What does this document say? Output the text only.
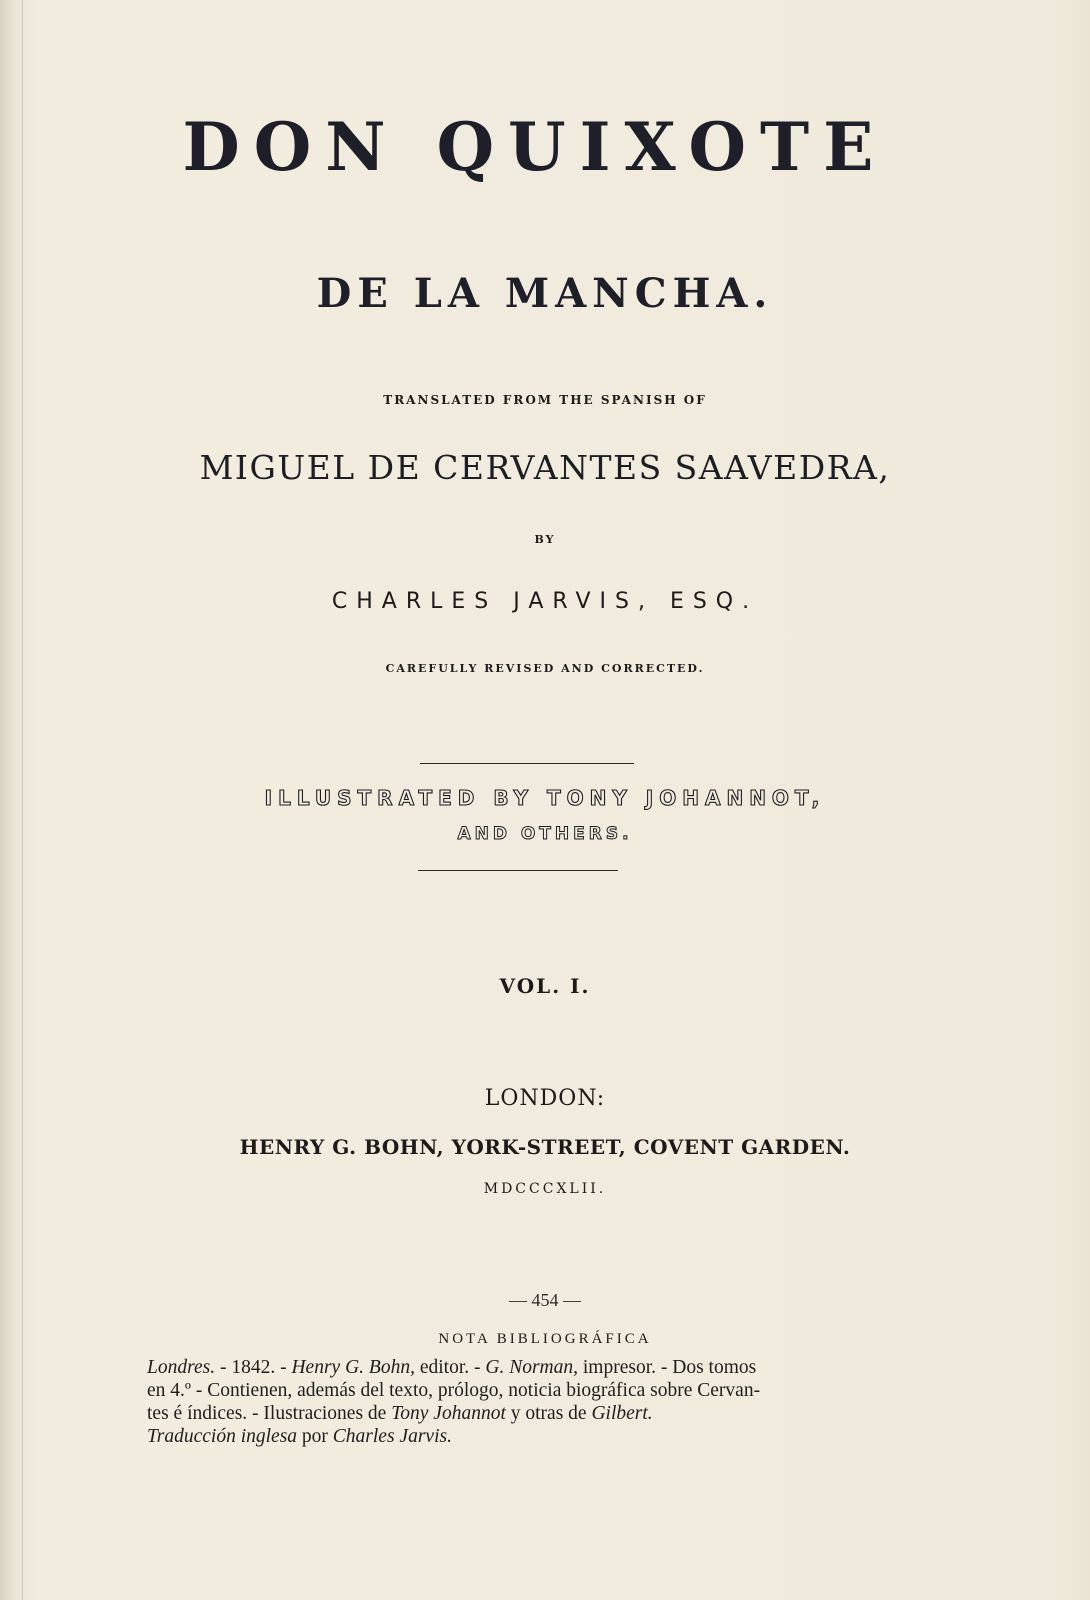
DON QUIXOTE
DE LA MANCHA.
TRANSLATED FROM THE SPANISH OF
MIGUEL DE CERVANTES SAAVEDRA,
BY
CHARLES JARVIS, ESQ.
CAREFULLY REVISED AND CORRECTED.
ILLUSTRATED BY TONY JOHANNOT,
AND OTHERS.
VOL. I.
LONDON:
HENRY G. BOHN, YORK-STREET, COVENT GARDEN.
MDCCCXLII.
— 454 —
NOTA BIBLIOGRÁFICA

Londres. - 1842. - Henry G. Bohn, editor. - G. Norman, impresor. - Dos tomos

en 4.º - Contienen, además del texto, prólogo, noticia biográfica sobre Cervan-

tes é índices. - Ilustraciones de Tony Johannot y otras de Gilbert.

Traducción inglesa por Charles Jarvis.
